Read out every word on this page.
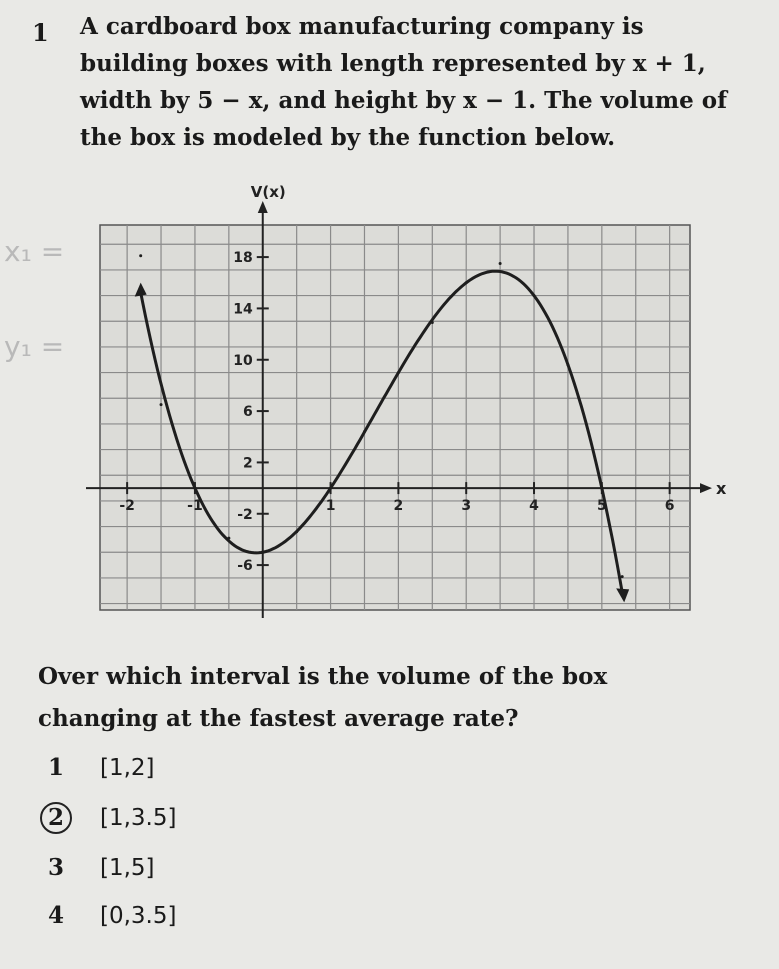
1 A cardboard box manufacturing company is

building boxes with length represented by x + 1,

width by 5 − x, and height by x − 1. The volume of

the box is modeled by the function below.

x₁ =
y₁ =
V(x)
x
18
14
10
6
2
-2
-6
-2	-1	1	2	3	4	5	6
Over which interval is the volume of the box
changing at the fastest average rate?
1 [1,2]
2 [1,3.5]
3 [1,5]
4 [0,3.5]
